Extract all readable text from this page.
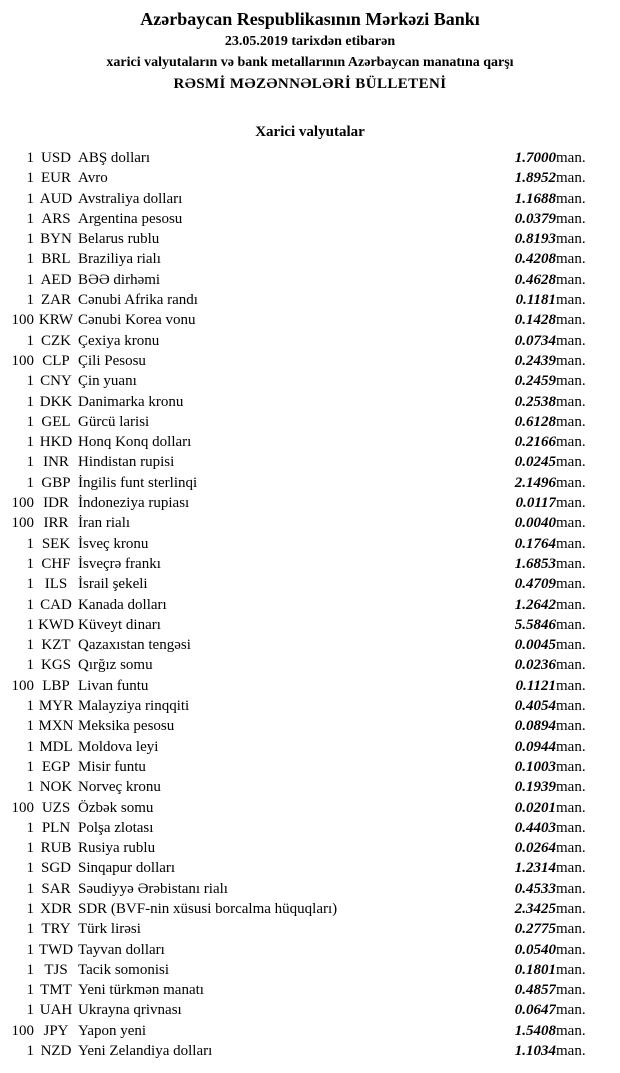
Azərbaycan Respublikasının Mərkəzi Bankı
23.05.2019 tarixdən etibarən
xarici valyutaların və bank metallarının Azərbaycan manatına qarşı
RƏSMİ MƏZƏNNƏLƏRİ BÜLLETENİ
Xarici valyutalar
1	USD	ABŞ dolları	1.7000	man.
1	EUR	Avro	1.8952	man.
1	AUD	Avstraliya dolları	1.1688	man.
1	ARS	Argentina pesosu	0.0379	man.
1	BYN	Belarus rublu	0.8193	man.
1	BRL	Braziliya rialı	0.4208	man.
1	AED	BƏƏ dirhəmi	0.4628	man.
1	ZAR	Cənubi Afrika randı	0.1181	man.
100	KRW	Cənubi Korea vonu	0.1428	man.
1	CZK	Çexiya kronu	0.0734	man.
100	CLP	Çili Pesosu	0.2439	man.
1	CNY	Çin yuanı	0.2459	man.
1	DKK	Danimarka kronu	0.2538	man.
1	GEL	Gürcü larisi	0.6128	man.
1	HKD	Honq Konq dolları	0.2166	man.
1	INR	Hindistan rupisi	0.0245	man.
1	GBP	İngilis funt sterlinqi	2.1496	man.
100	IDR	İndoneziya rupiası	0.0117	man.
100	IRR	İran rialı	0.0040	man.
1	SEK	İsveç kronu	0.1764	man.
1	CHF	İsveçrə frankı	1.6853	man.
1	ILS	İsrail şekeli	0.4709	man.
1	CAD	Kanada dolları	1.2642	man.
1	KWD	Küveyt dinarı	5.5846	man.
1	KZT	Qazaxıstan tengəsi	0.0045	man.
1	KGS	Qırğız somu	0.0236	man.
100	LBP	Livan funtu	0.1121	man.
1	MYR	Malayziya rinqqiti	0.4054	man.
1	MXN	Meksika pesosu	0.0894	man.
1	MDL	Moldova leyi	0.0944	man.
1	EGP	Misir funtu	0.1003	man.
1	NOK	Norveç kronu	0.1939	man.
100	UZS	Özbək somu	0.0201	man.
1	PLN	Polşa zlotası	0.4403	man.
1	RUB	Rusiya rublu	0.0264	man.
1	SGD	Sinqapur dolları	1.2314	man.
1	SAR	Səudiyyə Ərəbistanı rialı	0.4533	man.
1	XDR	SDR (BVF-nin xüsusi borcalma hüquqları)	2.3425	man.
1	TRY	Türk lirəsi	0.2775	man.
1	TWD	Tayvan dolları	0.0540	man.
1	TJS	Tacik somonisi	0.1801	man.
1	TMT	Yeni türkmən manatı	0.4857	man.
1	UAH	Ukrayna qrivnası	0.0647	man.
100	JPY	Yapon yeni	1.5408	man.
1	NZD	Yeni Zelandiya dolları	1.1034	man.
